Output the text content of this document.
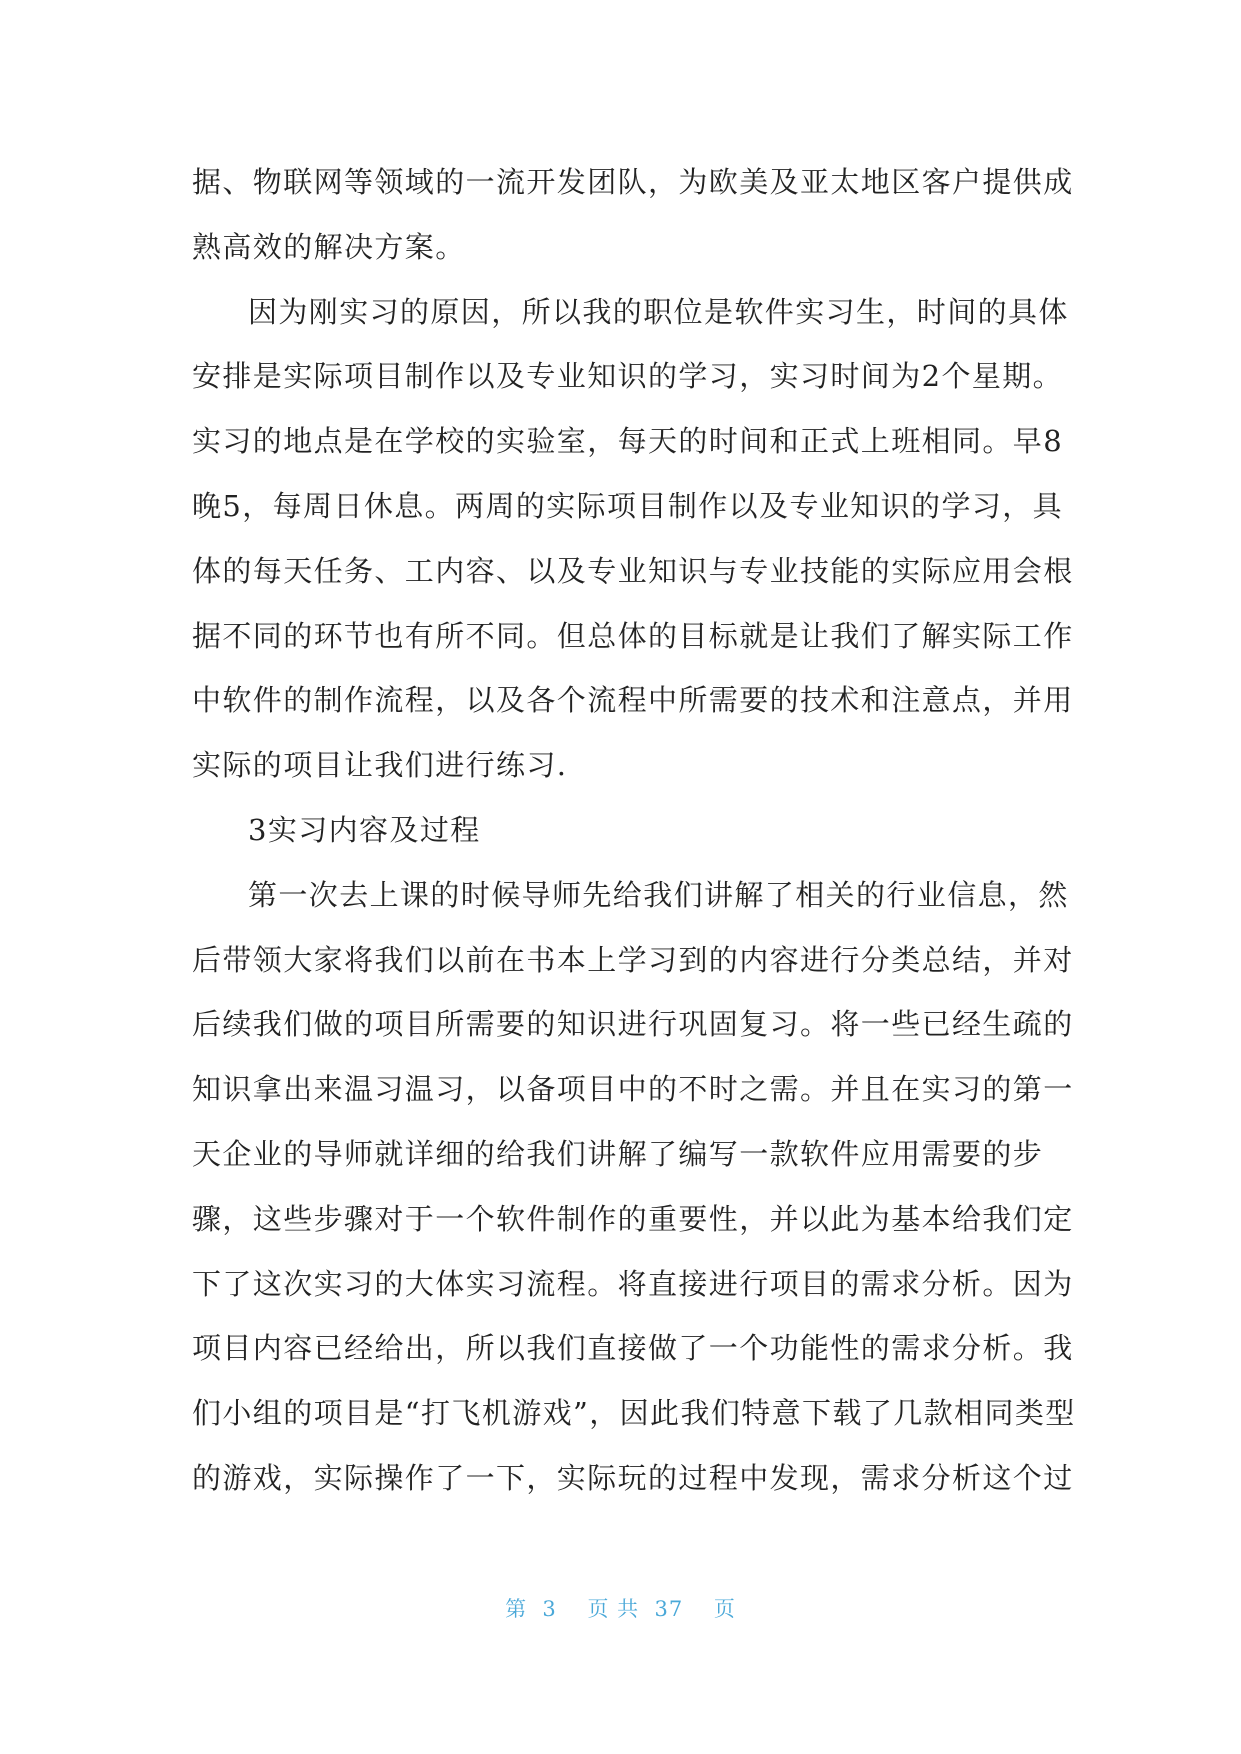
据、物联网等领域的一流开发团队，为欧美及亚太地区客户提供成
熟高效的解决方案。
因为刚实习的原因，所以我的职位是软件实习生，时间的具体
安排是实际项目制作以及专业知识的学习，实习时间为2个星期。
实习的地点是在学校的实验室，每天的时间和正式上班相同。早8
晚5，每周日休息。两周的实际项目制作以及专业知识的学习，具
体的每天任务、工内容、以及专业知识与专业技能的实际应用会根
据不同的环节也有所不同。但总体的目标就是让我们了解实际工作
中软件的制作流程，以及各个流程中所需要的技术和注意点，并用
实际的项目让我们进行练习.
3实习内容及过程
第一次去上课的时候导师先给我们讲解了相关的行业信息，然
后带领大家将我们以前在书本上学习到的内容进行分类总结，并对
后续我们做的项目所需要的知识进行巩固复习。将一些已经生疏的
知识拿出来温习温习，以备项目中的不时之需。并且在实习的第一
天企业的导师就详细的给我们讲解了编写一款软件应用需要的步
骤，这些步骤对于一个软件制作的重要性，并以此为基本给我们定
下了这次实习的大体实习流程。将直接进行项目的需求分析。因为
项目内容已经给出，所以我们直接做了一个功能性的需求分析。我
们小组的项目是“打飞机游戏”，因此我们特意下载了几款相同类型
的游戏，实际操作了一下，实际玩的过程中发现，需求分析这个过
第  3    页 共  37    页
